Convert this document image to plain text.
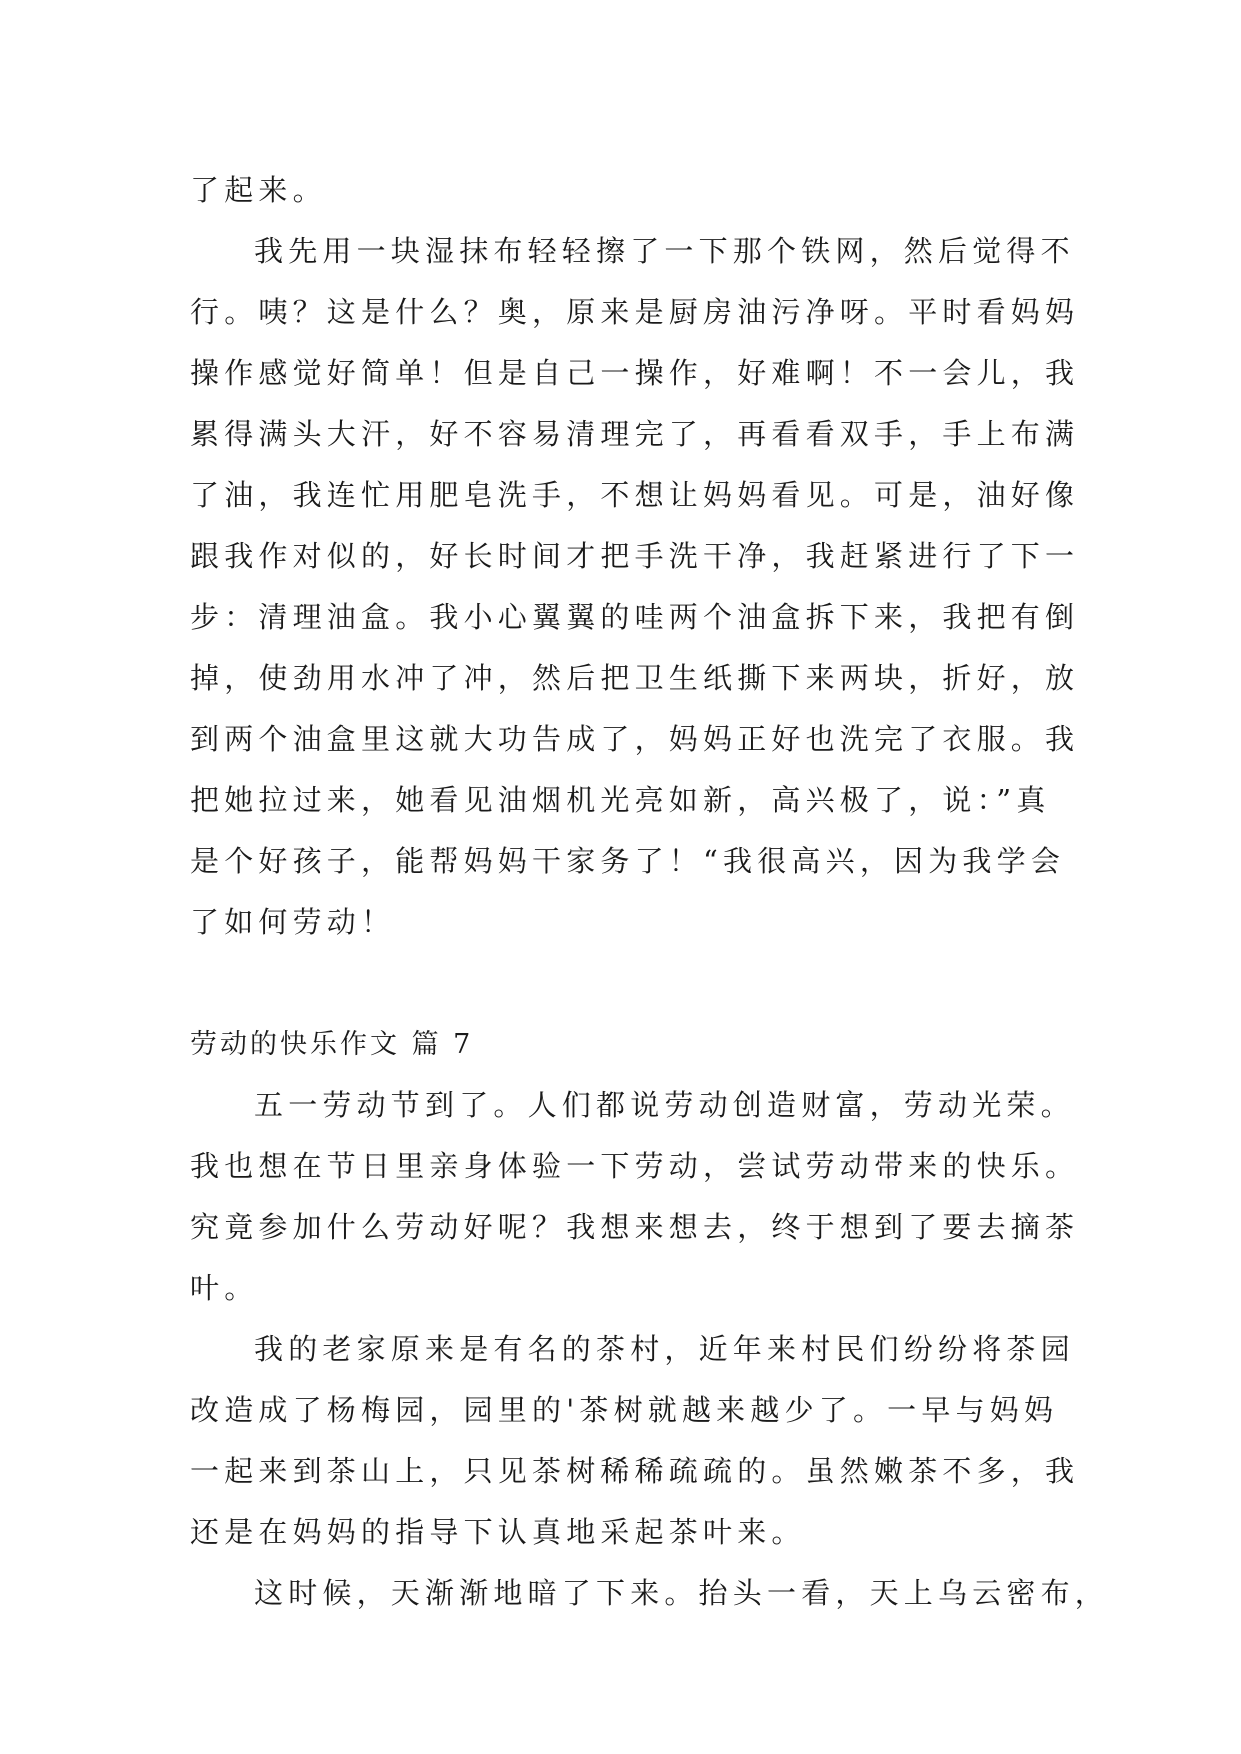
了起来。
我先用一块湿抹布轻轻擦了一下那个铁网，然后觉得不
行。咦？这是什么？奥，原来是厨房油污净呀。平时看妈妈
操作感觉好简单！但是自己一操作，好难啊！不一会儿，我
累得满头大汗，好不容易清理完了，再看看双手，手上布满
了油，我连忙用肥皂洗手，不想让妈妈看见。可是，油好像
跟我作对似的，好长时间才把手洗干净，我赶紧进行了下一
步：清理油盒。我小心翼翼的哇两个油盒拆下来，我把有倒
掉，使劲用水冲了冲，然后把卫生纸撕下来两块，折好，放
到两个油盒里这就大功告成了，妈妈正好也洗完了衣服。我
把她拉过来，她看见油烟机光亮如新，高兴极了，说：”真
是个好孩子，能帮妈妈干家务了！“我很高兴，因为我学会
了如何劳动！
劳动的快乐作文 篇 7
五一劳动节到了。人们都说劳动创造财富，劳动光荣。
我也想在节日里亲身体验一下劳动，尝试劳动带来的快乐。
究竟参加什么劳动好呢？我想来想去，终于想到了要去摘茶
叶。
我的老家原来是有名的茶村，近年来村民们纷纷将茶园
改造成了杨梅园，园里的'茶树就越来越少了。一早与妈妈
一起来到茶山上，只见茶树稀稀疏疏的。虽然嫩茶不多，我
还是在妈妈的指导下认真地采起茶叶来。
这时候，天渐渐地暗了下来。抬头一看，天上乌云密布，
